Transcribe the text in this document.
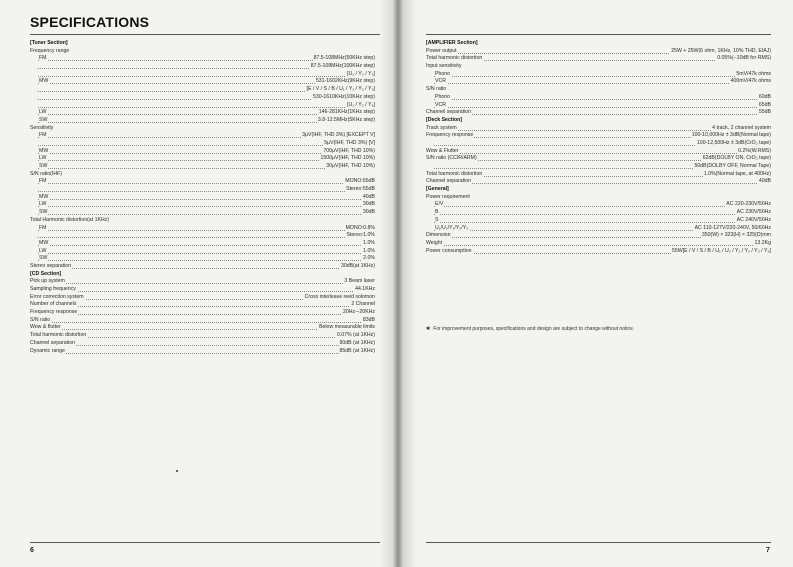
SPECIFICATIONS
[Tuner Section]
Frequency range
FM	87.5-108MHz(50KHz step)
87.5-108MHz(100KHz step)
[U₁ / Y₂ / Y₃]
MW	531-1602KHz(9KHz step)
[E / V / S / B / U₁ / Y₁ / Y₂ / Y₃]
530-1610KHz(10KHz step)
[U₁ / Y₂ / Y₃]
LW	146-281KHz(1KHz step)
SW	3.8-12.5MHz(5KHz step)
Sensitivity
FM	3μV(IHF, THD 3%) [EXCEPT V]
5μV(IHF, THD 3%) [V]
MW	700μV(IHF, THD 10%)
LW	1500μV(IHF, THD 10%)
SW	30μV(IHF, THD 10%)
S/N ratio(IHF)
FM	MONO:65dB
Stereo:55dB
MW	40dB
LW	30dB
SW	30dB
Total Harmonic distortion(at 1KHz)
FM	MONO:0.8%
Stereo:1.0%
MW	1.0%
LW	1.0%
SW	2.0%
Stereo separation	30dB(at 1KHz)
[CD Section]
Pick up system	3 Beam laser
Sampling frequency	44.1KHz
Error correction system	Cross interleave reed solomon
Number of channels	2 Channel
Frequency response	20Hz∼20KHz
S/N ratio	83dB
Wow & flutter	Below measurable limits
Total harmonic distortion	0.07% (at 1KHz)
Channel separation	90dB (at 1KHz)
Dynamic range	85dB (at 1KHz)
6
[AMPLIFIER Section]
Power output	25W + 25W(6 ohm, 1KHz, 10% THD, EIAJ)
Total harmonic distortion	0.05%(−10dB for RMS)
Input sensitivity
Phono	5mV/47k ohms
VCR	400mV/47k ohms
S/N ratio
Phono	60dB
VCR	65dB
Channel separation	55dB
[Deck Section]
Track system	4 track, 2 channel system
Frequency response	100-10,000Hz ± 3dB(Normal tape)
100-12,500Hz ± 3dB(CrO₂ tape)
Wow & Flutter	0.2%(W.RMS)
S/N ratio (CCIR/ARM)	62dB(DOLBY ON, CrO₂ tape)
50dB(DOLBY OFF, Normal Tape)
Total harmonic distortion	1.0%(Normal tape, at 400Hz)
Channel separation	40dB
[General]
Power requirement
E/V	AC 220-230V/50Hz
B	AC 230V/50Hz
S	AC 240V/50Hz
U₁/U₂/Y₁/Y₂/Y₃	AC 110-127V/220-240V, 50/60Hz
Dimension	350(W) × 323(H) × 325(D)mm
Weight	13.2Kg
Power consumption	55W[E / V / S / B / U₁ / U₂ / Y₁ / Y₂ / Y₃ / Y₄]
✱ For improvement purposes, specifications and design are subject to change without notice.
7
